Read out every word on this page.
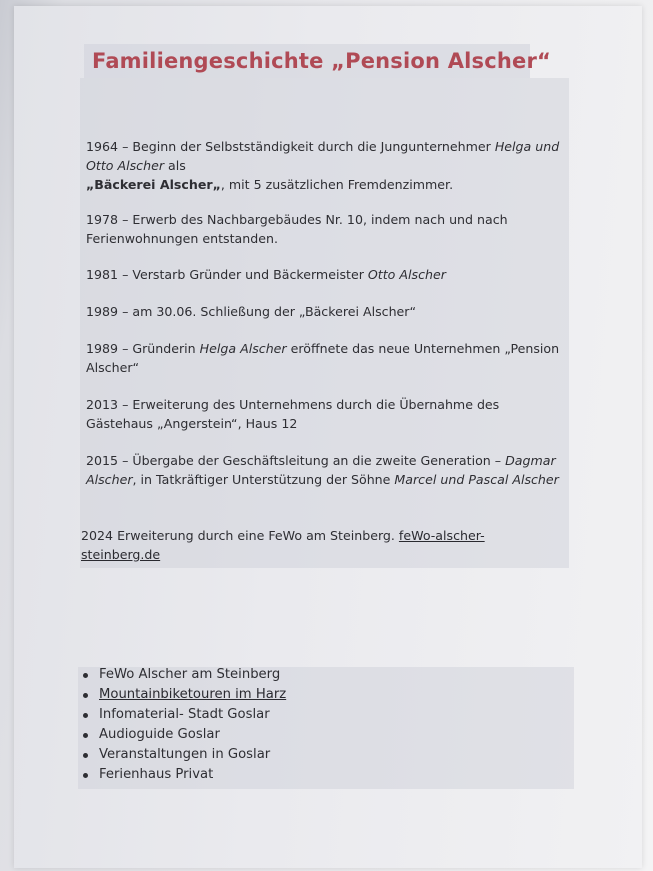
Familiengeschichte „Pension Alscher“
1964 – Beginn der Selbstständigkeit durch die Jungunternehmer Helga und Otto Alscher als
„Bäckerei Alscher„, mit 5 zusätzlichen Fremdenzimmer.
1978 – Erwerb des Nachbargebäudes Nr. 10, indem nach und nach Ferienwohnungen entstanden.
1981 – Verstarb Gründer und Bäckermeister Otto Alscher
1989 – am 30.06. Schließung der „Bäckerei Alscher“
1989 – Gründerin Helga Alscher eröffnete das neue Unternehmen „Pension Alscher“
2013 – Erweiterung des Unternehmens durch die Übernahme des Gästehaus „Angerstein“, Haus 12
2015 – Übergabe der Geschäftsleitung an die zweite Generation – Dagmar Alscher, in Tatkräftiger Unterstützung der Söhne Marcel und Pascal Alscher
2024 Erweiterung durch eine FeWo am Steinberg. feWo-alscher-steinberg.de
FeWo Alscher am Steinberg
Mountainbiketouren im Harz
Infomaterial- Stadt Goslar
Audioguide Goslar
Veranstaltungen in Goslar
Ferienhaus Privat
